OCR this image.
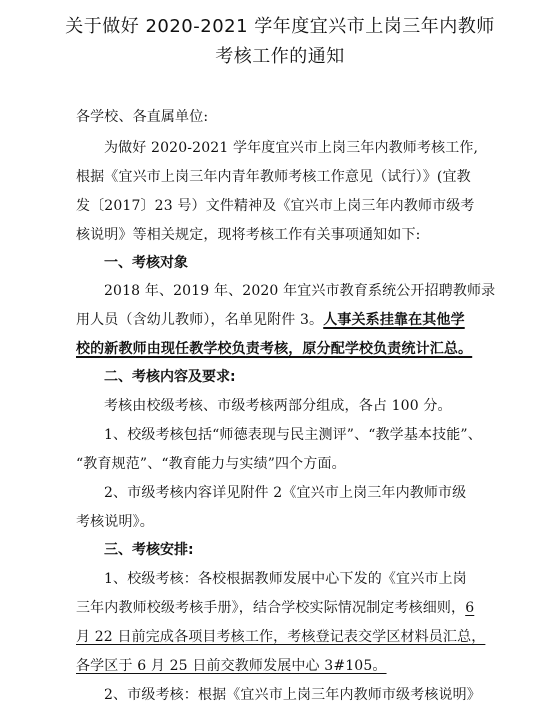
关于做好 2020-2021 学年度宜兴市上岗三年内教师
考核工作的通知
各学校、各直属单位:
为做好 2020-2021 学年度宜兴市上岗三年内教师考核工作,
根据《宜兴市上岗三年内青年教师考核工作意见（试行）》(宜教
发〔2017〕23 号）文件精神及《宜兴市上岗三年内教师市级考
核说明》等相关规定，现将考核工作有关事项通知如下:
一、考核对象
2018 年、2019 年、2020 年宜兴市教育系统公开招聘教师录
用人员（含幼儿教师），名单见附件 3。人事关系挂靠在其他学
校的新教师由现任教学校负责考核，原分配学校负责统计汇总。
二、考核内容及要求:
考核由校级考核、市级考核两部分组成，各占 100 分。
1、校级考核包括“师德表现与民主测评”、“教学基本技能”、
“教育规范”、“教育能力与实绩”四个方面。
2、市级考核内容详见附件 2《宜兴市上岗三年内教师市级
考核说明》。
三、考核安排:
1、校级考核：各校根据教师发展中心下发的《宜兴市上岗
三年内教师校级考核手册》，结合学校实际情况制定考核细则，6
月 22 日前完成各项目考核工作，考核登记表交学区材料员汇总，
各学区于 6 月 25 日前交教师发展中心 3#105。
2、市级考核：根据《宜兴市上岗三年内教师市级考核说明》
